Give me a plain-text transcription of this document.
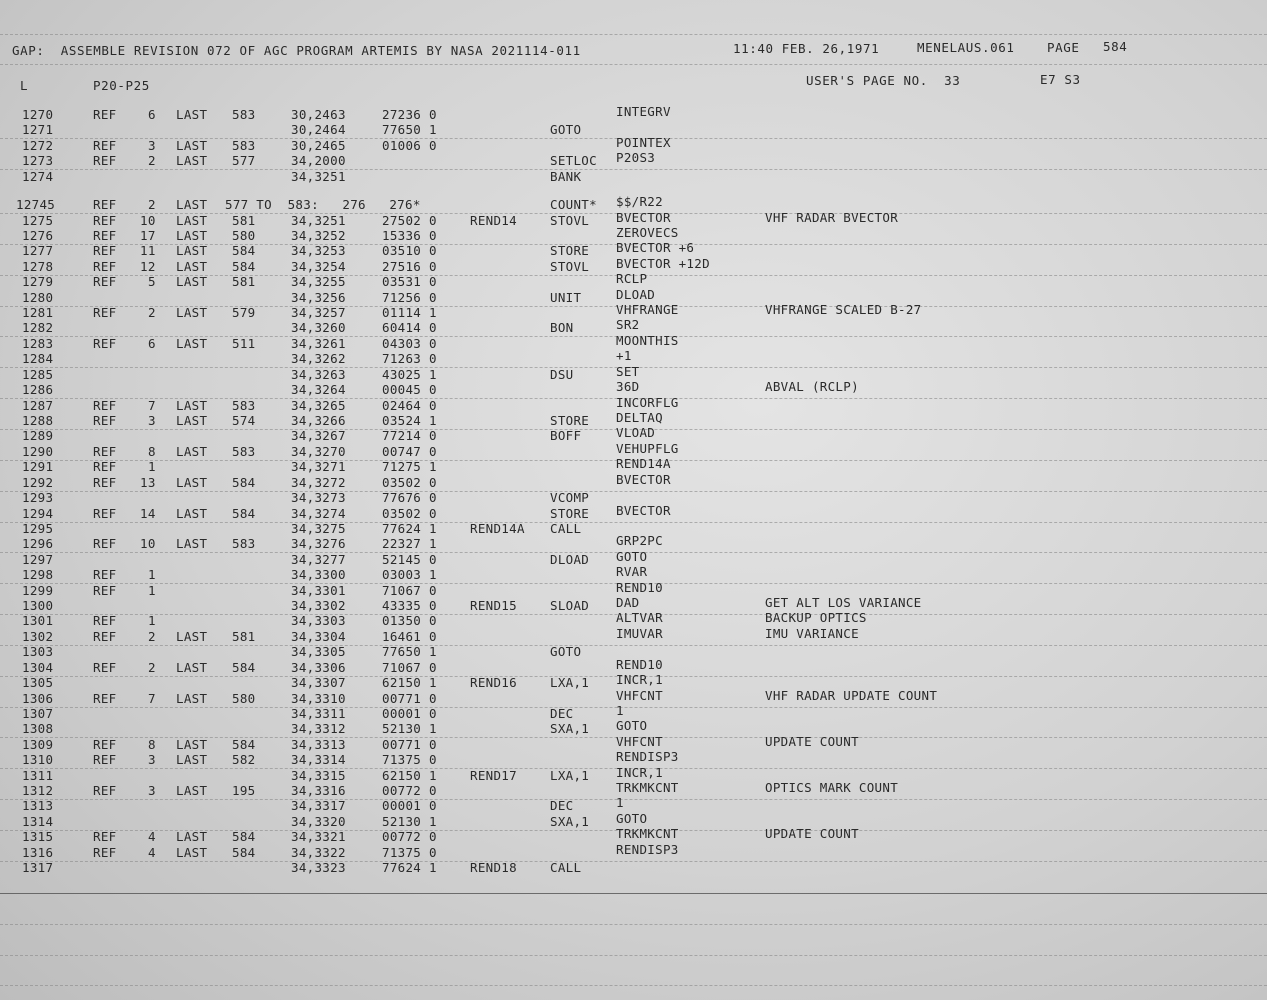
GAP:  ASSEMBLE REVISION 072 OF AGC PROGRAM ARTEMIS BY NASA 2021114-011	11:40 FEB. 26,1971	MENELAUS.061	PAGE 584
L	P20-P25	USER'S PAGE NO.  33	E7 S3
1270	REF	6 LAST 583	30,2463	27236 0	INTEGRV
1271	30,2464	77650 1	GOTO
1272	REF	3 LAST 583	30,2465	01006 0	POINTEX
1273	REF	2 LAST 577	34,2000	SETLOC P20S3
1274	34,3251	BANK
12745	REF	2 LAST 577 TO  583:   276   276*	COUNT* $$/R22
1275	REF 10 LAST 581	34,3251	27502 0	REND14	STOVL BVECTOR	VHF RADAR BVECTOR
1276	REF 17 LAST 580	34,3252	15336 0	ZEROVECS
1277	REF 11 LAST 584	34,3253	03510 0	STORE BVECTOR +6
1278	REF 12 LAST 584	34,3254	27516 0	STOVL BVECTOR +12D
1279	REF	5 LAST 581	34,3255	03531 0	RCLP
1280	34,3256	71256 0	UNIT	DLOAD
1281	REF	2 LAST 579	34,3257	01114 1	VHFRANGE	VHFRANGE SCALED B-27
1282	34,3260	60414 0	BON	SR2
1283	REF	6 LAST 511	34,3261	04303 0	MOONTHIS
1284	34,3262	71263 0	+1
1285	34,3263	43025 1	DSU	SET
1286	34,3264	00045 0	36D	ABVAL (RCLP)
1287	REF	7 LAST 583	34,3265	02464 0	INCORFLG
1288	REF	3 LAST 574	34,3266	03524 1	STORE DELTAQ
1289	34,3267	77214 0	BOFF	VLOAD
1290	REF	8 LAST 583	34,3270	00747 0	VEHUPFLG
1291	REF	1	34,3271	71275 1	REND14A
1292	REF 13 LAST 584	34,3272	03502 0	BVECTOR
1293	34,3273	77676 0	VCOMP
1294	REF 14 LAST 584	34,3274	03502 0	STORE BVECTOR
1295	34,3275	77624 1	REND14A CALL
1296	REF 10 LAST 583	34,3276	22327 1	GRP2PC
1297	34,3277	52145 0	DLOAD GOTO
1298	REF	1	34,3300	03003 1	RVAR
1299	REF	1	34,3301	71067 0	REND10
1300	34,3302	43335 0	REND15	SLOAD DAD	GET ALT LOS VARIANCE
1301	REF	1	34,3303	01350 0	ALTVAR	BACKUP OPTICS
1302	REF	2 LAST 581	34,3304	16461 0	IMUVAR	IMU VARIANCE
1303	34,3305	77650 1	GOTO
1304	REF	2 LAST 584	34,3306	71067 0	REND10
1305	34,3307	62150 1	REND16	LXA,1 INCR,1
1306	REF	7 LAST 580	34,3310	00771 0	VHFCNT	VHF RADAR UPDATE COUNT
1307	34,3311	00001 0	DEC	1
1308	34,3312	52130 1	SXA,1 GOTO
1309	REF	8 LAST 584	34,3313	00771 0	VHFCNT	UPDATE COUNT
1310	REF	3 LAST 582	34,3314	71375 0	RENDISP3
1311	34,3315	62150 1	REND17	LXA,1 INCR,1
1312	REF	3 LAST 195	34,3316	00772 0	TRKMKCNT	OPTICS MARK COUNT
1313	34,3317	00001 0	DEC	1
1314	34,3320	52130 1	SXA,1 GOTO
1315	REF	4 LAST 584	34,3321	00772 0	TRKMKCNT	UPDATE COUNT
1316	REF	4 LAST 584	34,3322	71375 0	RENDISP3
1317	34,3323	77624 1	REND18	CALL
